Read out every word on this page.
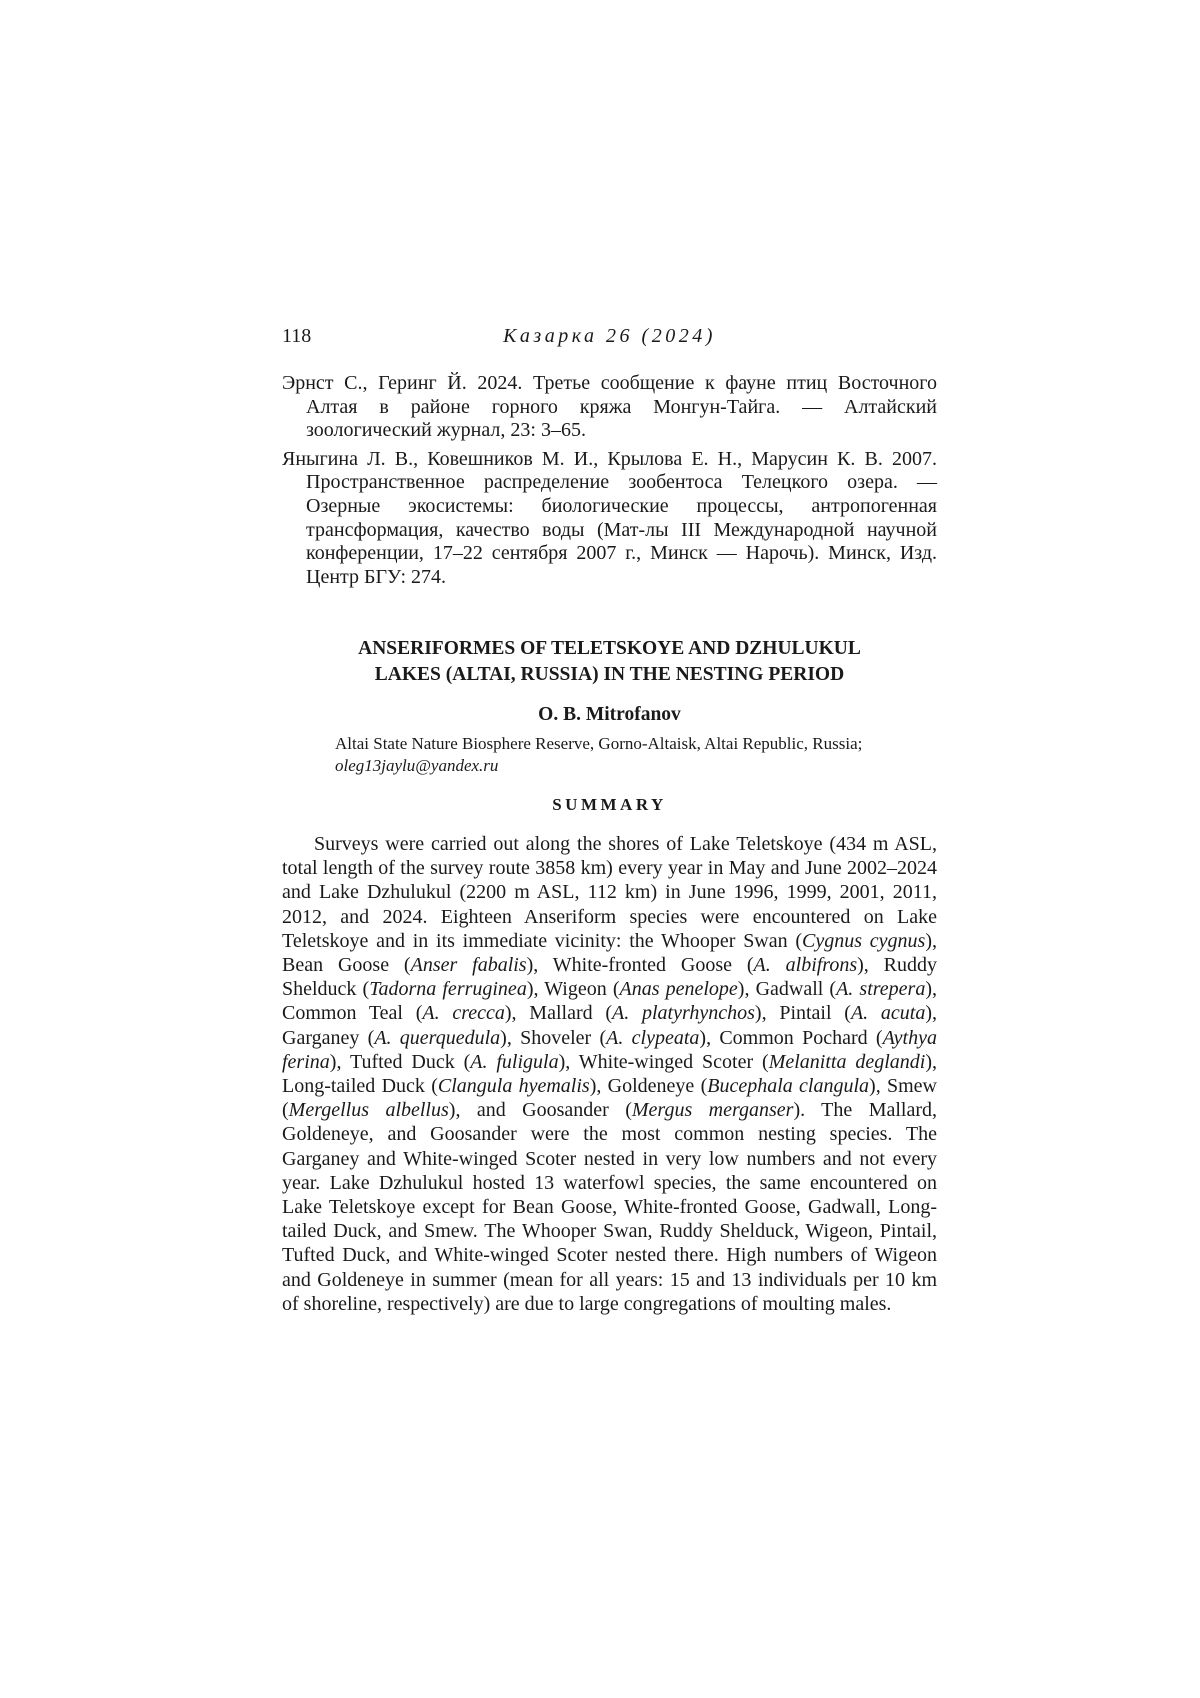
118	Казарка 26 (2024)

Эрнст С., Геринг Й. 2024. Третье сообщение к фауне птиц Восточного Алтая в районе горного кряжа Монгун-Тайга. — Алтайский зоологический журнал, 23: 3–65.

Яныгина Л. В., Ковешников М. И., Крылова Е. Н., Марусин К. В. 2007. Пространственное распределение зообентоса Телецкого озера. — Озерные экосистемы: биологические процессы, антропогенная трансформация, качество воды (Мат-лы III Международной научной конференции, 17–22 сентября 2007 г., Минск — Нарочь). Минск, Изд. Центр БГУ: 274.

ANSERIFORMES OF TELETSKOYE AND DZHULUKUL
LAKES (ALTAI, RUSSIA) IN THE NESTING PERIOD

O. B. Mitrofanov

Altai State Nature Biosphere Reserve, Gorno-Altaisk, Altai Republic, Russia; oleg13jaylu@yandex.ru

SUMMARY

Surveys were carried out along the shores of Lake Teletskoye (434 m ASL, total length of the survey route 3858 km) every year in May and June 2002–2024 and Lake Dzhulukul (2200 m ASL, 112 km) in June 1996, 1999, 2001, 2011, 2012, and 2024. Eighteen Anseriform species were encountered on Lake Teletskoye and in its immediate vicinity: the Whooper Swan (Cygnus cygnus), Bean Goose (Anser fabalis), White-fronted Goose (A. albifrons), Ruddy Shelduck (Tadorna ferruginea), Wigeon (Anas penelope), Gadwall (A. strepera), Common Teal (A. crecca), Mallard (A. platyrhynchos), Pintail (A. acuta), Garganey (A. querquedula), Shoveler (A. clypeata), Common Pochard (Aythya ferina), Tufted Duck (A. fuligula), White-winged Scoter (Melanitta deglandi), Long-tailed Duck (Clangula hyemalis), Goldeneye (Bucephala clangula), Smew (Mergellus albellus), and Goosander (Mergus merganser). The Mallard, Goldeneye, and Goosander were the most common nesting species. The Garganey and White-winged Scoter nested in very low numbers and not every year. Lake Dzhulukul hosted 13 waterfowl species, the same encountered on Lake Teletskoye except for Bean Goose, White-fronted Goose, Gadwall, Long-tailed Duck, and Smew. The Whooper Swan, Ruddy Shelduck, Wigeon, Pintail, Tufted Duck, and White-winged Scoter nested there. High numbers of Wigeon and Goldeneye in summer (mean for all years: 15 and 13 individuals per 10 km of shoreline, respectively) are due to large congregations of moulting males.
